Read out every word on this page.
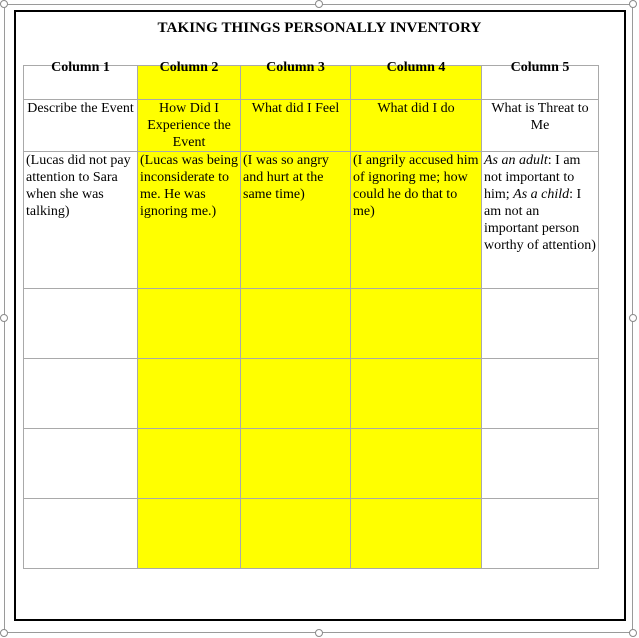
TAKING THINGS PERSONALLY INVENTORY
Column 1	Column 2	Column 3	Column 4	Column 5
Describe the Event	How Did I Experience the Event	What did I Feel	What did I do	What is Threat to Me
(Lucas did not pay attention to Sara when she was talking)	(Lucas was being inconsiderate to me. He was ignoring me.)	(I was so angry and hurt at the same time)	(I angrily accused him of ignoring me; how could he do that to me)	As an adult: I am not important to him; As a child: I am not an important person worthy of attention)
